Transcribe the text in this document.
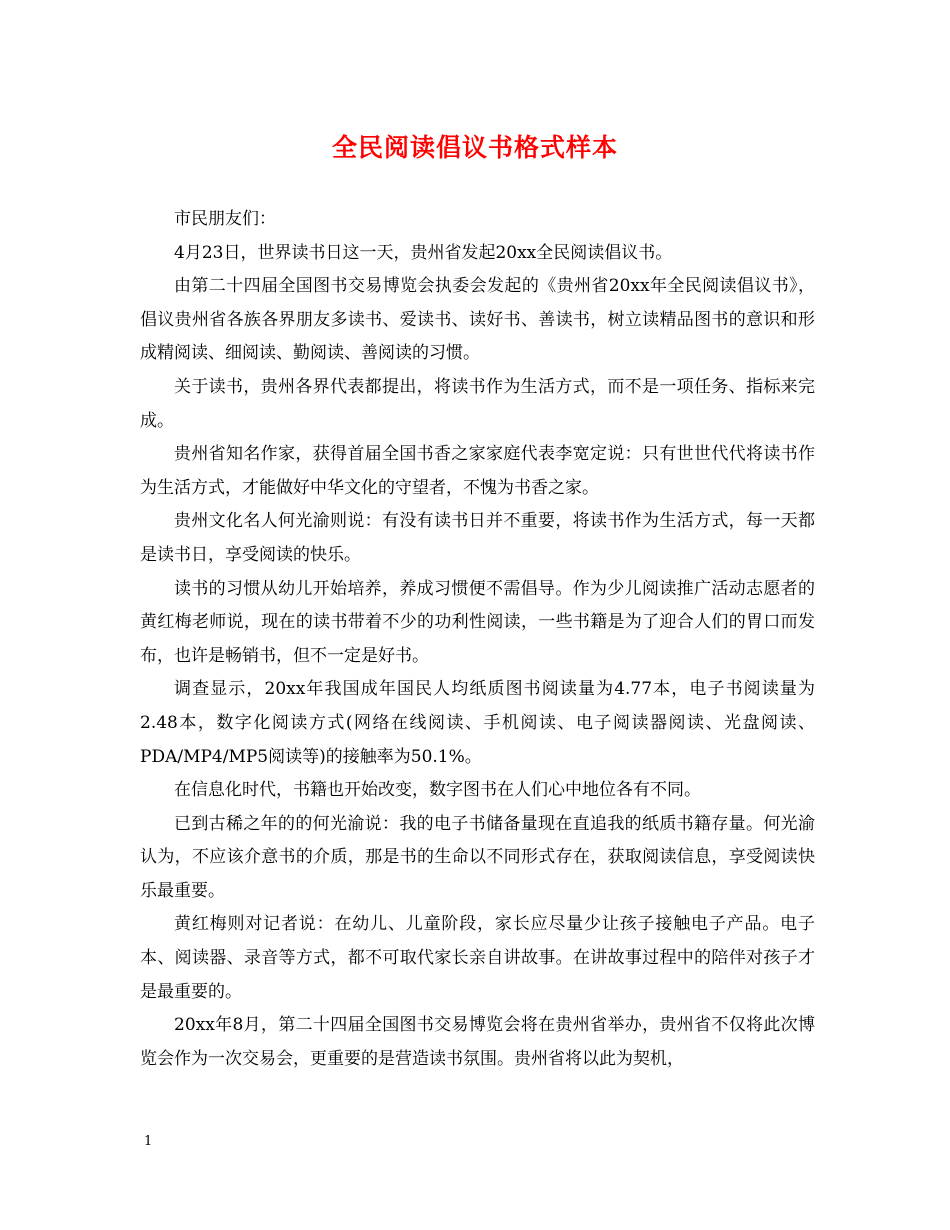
全民阅读倡议书格式样本

市民朋友们：

4月23日，世界读书日这一天，贵州省发起20xx全民阅读倡议书。

由第二十四届全国图书交易博览会执委会发起的《贵州省20xx年全民阅读倡议书》，倡议贵州省各族各界朋友多读书、爱读书、读好书、善读书，树立读精品图书的意识和形成精阅读、细阅读、勤阅读、善阅读的习惯。

关于读书，贵州各界代表都提出，将读书作为生活方式，而不是一项任务、指标来完成。

贵州省知名作家，获得首届全国书香之家家庭代表李宽定说：只有世世代代将读书作为生活方式，才能做好中华文化的守望者，不愧为书香之家。

贵州文化名人何光渝则说：有没有读书日并不重要，将读书作为生活方式，每一天都是读书日，享受阅读的快乐。

读书的习惯从幼儿开始培养，养成习惯便不需倡导。作为少儿阅读推广活动志愿者的黄红梅老师说，现在的读书带着不少的功利性阅读，一些书籍是为了迎合人们的胃口而发布，也许是畅销书，但不一定是好书。

调查显示，20xx年我国成年国民人均纸质图书阅读量为4.77本，电子书阅读量为2.48本，数字化阅读方式(网络在线阅读、手机阅读、电子阅读器阅读、光盘阅读、PDA/MP4/MP5阅读等)的接触率为50.1%。

在信息化时代，书籍也开始改变，数字图书在人们心中地位各有不同。

已到古稀之年的的何光渝说：我的电子书储备量现在直追我的纸质书籍存量。何光渝认为，不应该介意书的介质，那是书的生命以不同形式存在，获取阅读信息，享受阅读快乐最重要。

黄红梅则对记者说：在幼儿、儿童阶段，家长应尽量少让孩子接触电子产品。电子本、阅读器、录音等方式，都不可取代家长亲自讲故事。在讲故事过程中的陪伴对孩子才是最重要的。

20xx年8月，第二十四届全国图书交易博览会将在贵州省举办，贵州省不仅将此次博览会作为一次交易会，更重要的是营造读书氛围。贵州省将以此为契机，

1
